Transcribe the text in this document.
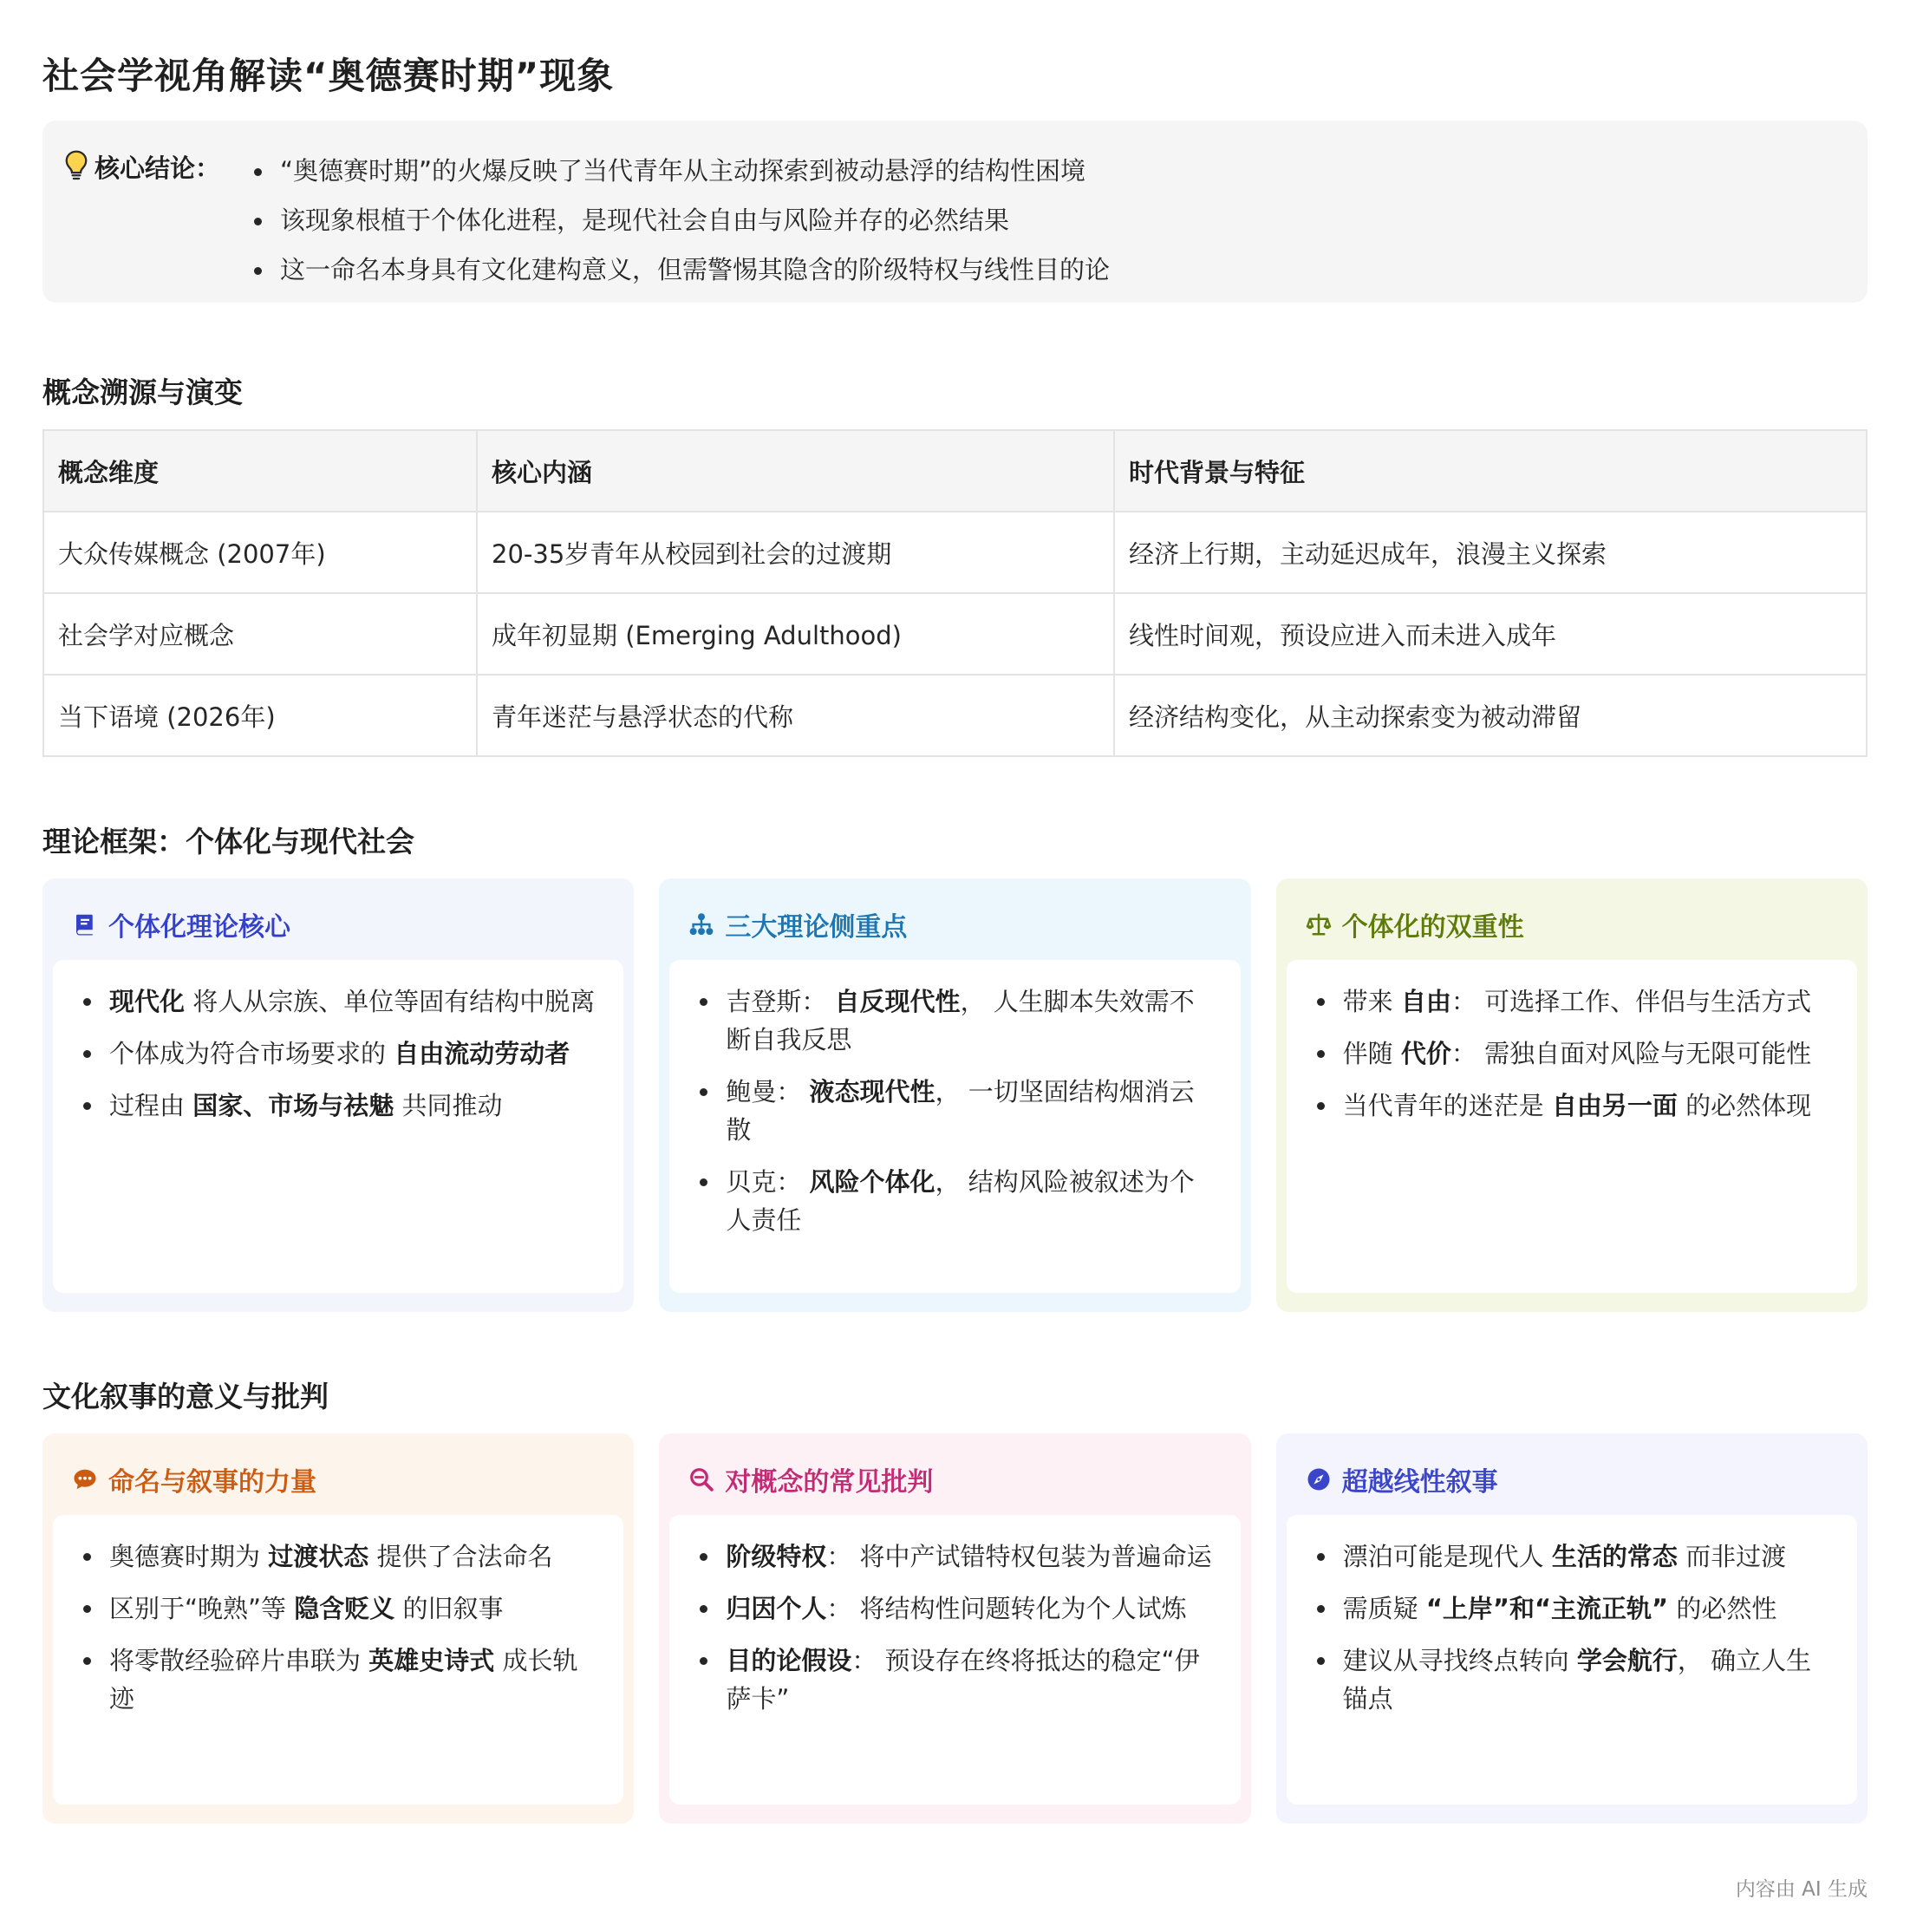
社会学视角解读“奥德赛时期”现象
核心结论：	“奥德赛时期”的火爆反映了当代青年从主动探索到被动悬浮的结构性困境
该现象根植于个体化进程，是现代社会自由与风险并存的必然结果
这一命名本身具有文化建构意义，但需警惕其隐含的阶级特权与线性目的论
概念溯源与演变
概念维度	核心内涵	时代背景与特征
大众传媒概念 (2007年)	20-35岁青年从校园到社会的过渡期	经济上行期，主动延迟成年，浪漫主义探索
社会学对应概念	成年初显期 (Emerging Adulthood)	线性时间观，预设应进入而未进入成年
当下语境 (2026年)	青年迷茫与悬浮状态的代称	经济结构变化，从主动探索变为被动滞留
理论框架：个体化与现代社会
个体化理论核心
现代化 将人从宗族、单位等固有结构中脱离
个体成为符合市场要求的 自由流动劳动者
过程由 国家、市场与祛魅 共同推动
三大理论侧重点
吉登斯： 自反现代性， 人生脚本失效需不断自我反思
鲍曼： 液态现代性， 一切坚固结构烟消云散
贝克： 风险个体化， 结构风险被叙述为个人责任
个体化的双重性
带来 自由： 可选择工作、伴侣与生活方式
伴随 代价： 需独自面对风险与无限可能性
当代青年的迷茫是 自由另一面 的必然体现
文化叙事的意义与批判
命名与叙事的力量
奥德赛时期为 过渡状态 提供了合法命名
区别于“晚熟”等 隐含贬义 的旧叙事
将零散经验碎片串联为 英雄史诗式 成长轨迹
对概念的常见批判
阶级特权： 将中产试错特权包装为普遍命运
归因个人： 将结构性问题转化为个人试炼
目的论假设： 预设存在终将抵达的稳定“伊萨卡”
超越线性叙事
漂泊可能是现代人 生活的常态 而非过渡
需质疑 “上岸”和“主流正轨” 的必然性
建议从寻找终点转向 学会航行， 确立人生锚点
内容由 AI 生成
